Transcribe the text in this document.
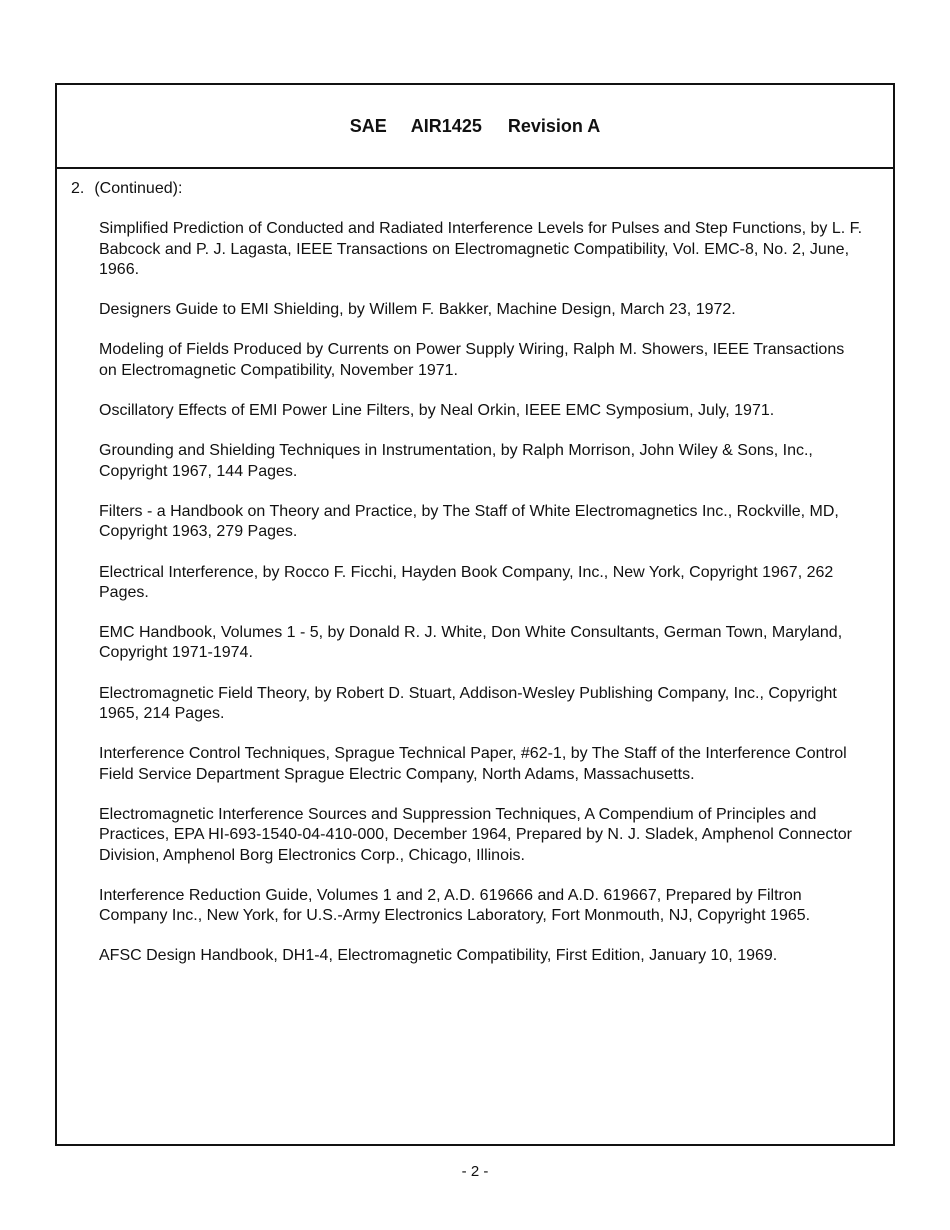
SAE AIR1425 Revision A
2. (Continued):
Simplified Prediction of Conducted and Radiated Interference Levels for Pulses and Step Functions, by L. F. Babcock and P. J. Lagasta, IEEE Transactions on Electromagnetic Compatibility, Vol. EMC-8, No. 2, June, 1966.
Designers Guide to EMI Shielding, by Willem F. Bakker, Machine Design, March 23, 1972.
Modeling of Fields Produced by Currents on Power Supply Wiring, Ralph M. Showers, IEEE Transactions on Electromagnetic Compatibility, November 1971.
Oscillatory Effects of EMI Power Line Filters, by Neal Orkin, IEEE EMC Symposium, July, 1971.
Grounding and Shielding Techniques in Instrumentation, by Ralph Morrison, John Wiley & Sons, Inc., Copyright 1967, 144 Pages.
Filters - a Handbook on Theory and Practice, by The Staff of White Electromagnetics Inc., Rockville, MD, Copyright 1963, 279 Pages.
Electrical Interference, by Rocco F. Ficchi, Hayden Book Company, Inc., New York, Copyright 1967, 262 Pages.
EMC Handbook, Volumes 1 - 5, by Donald R. J. White, Don White Consultants, German Town, Maryland, Copyright 1971-1974.
Electromagnetic Field Theory, by Robert D. Stuart, Addison-Wesley Publishing Company, Inc., Copyright 1965, 214 Pages.
Interference Control Techniques, Sprague Technical Paper, #62-1, by The Staff of the Interference Control Field Service Department Sprague Electric Company, North Adams, Massachusetts.
Electromagnetic Interference Sources and Suppression Techniques, A Compendium of Principles and Practices, EPA HI-693-1540-04-410-000, December 1964, Prepared by N. J. Sladek, Amphenol Connector Division, Amphenol Borg Electronics Corp., Chicago, Illinois.
Interference Reduction Guide, Volumes 1 and 2, A.D. 619666 and A.D. 619667, Prepared by Filtron Company Inc., New York, for U.S.-Army Electronics Laboratory, Fort Monmouth, NJ, Copyright 1965.
AFSC Design Handbook, DH1-4, Electromagnetic Compatibility, First Edition, January 10, 1969.
- 2 -
